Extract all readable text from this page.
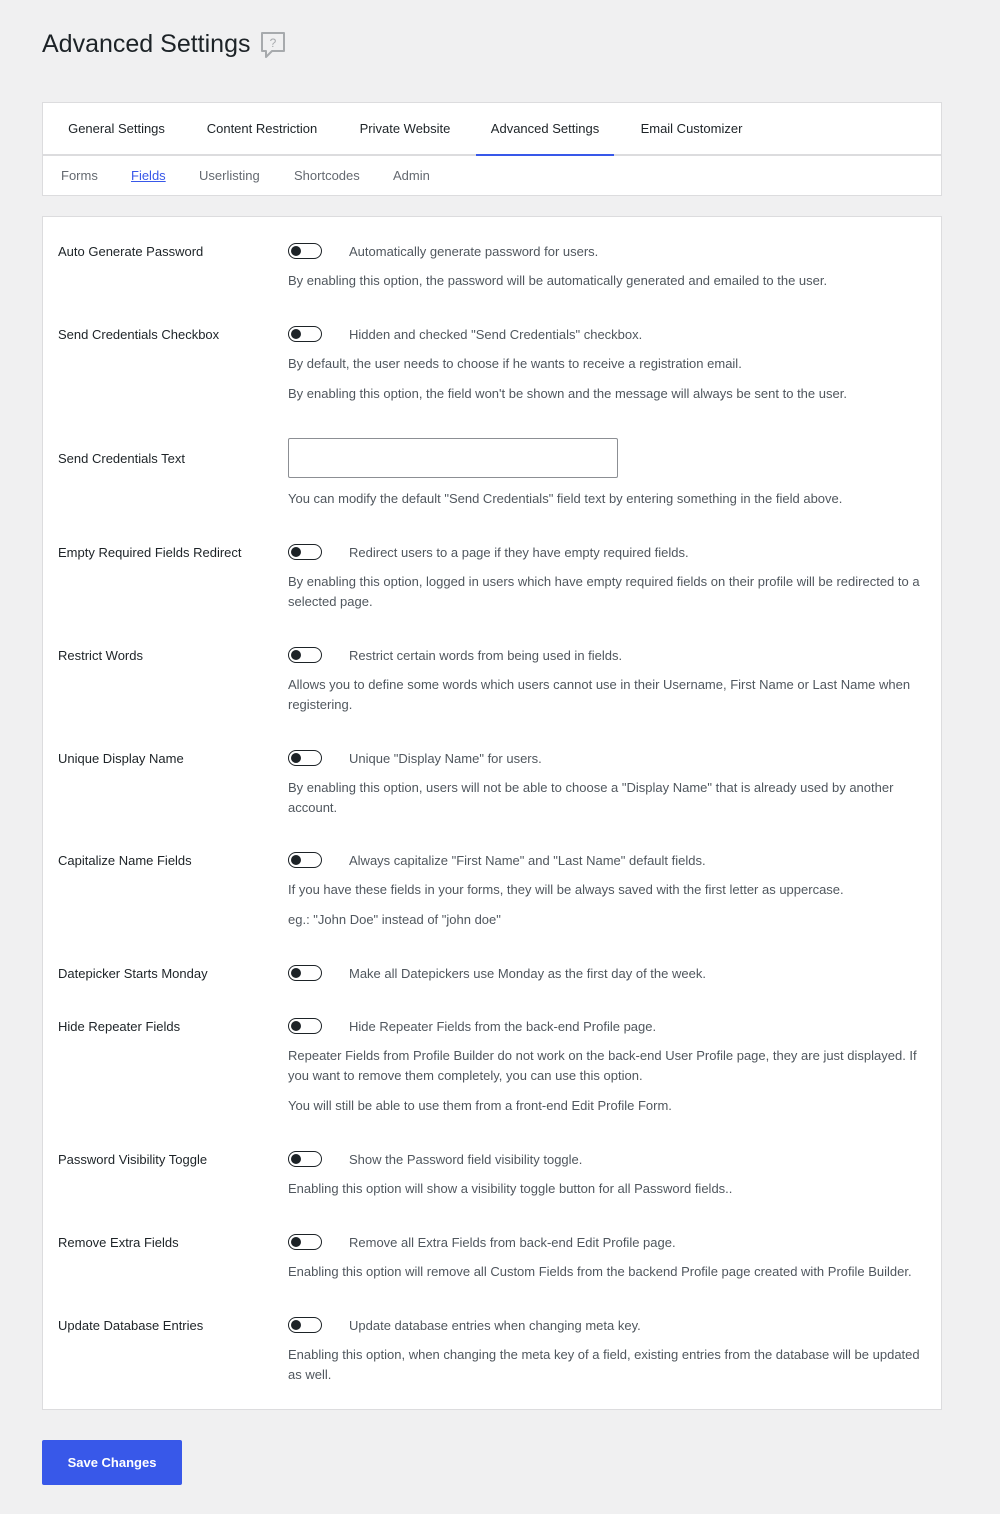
Advanced Settings ?
General Settings	Content Restriction	Private Website	Advanced Settings	Email Customizer
Forms	Fields	Userlisting	Shortcodes	Admin
Auto Generate Password	Automatically generate password for users.
By enabling this option, the password will be automatically generated and emailed to the user.
Send Credentials Checkbox	Hidden and checked "Send Credentials" checkbox.
By default, the user needs to choose if he wants to receive a registration email.
By enabling this option, the field won't be shown and the message will always be sent to the user.
Send Credentials Text
You can modify the default "Send Credentials" field text by entering something in the field above.
Empty Required Fields Redirect	Redirect users to a page if they have empty required fields.
By enabling this option, logged in users which have empty required fields on their profile will be redirected to a selected page.
Restrict Words	Restrict certain words from being used in fields.
Allows you to define some words which users cannot use in their Username, First Name or Last Name when registering.
Unique Display Name	Unique "Display Name" for users.
By enabling this option, users will not be able to choose a "Display Name" that is already used by another account.
Capitalize Name Fields	Always capitalize "First Name" and "Last Name" default fields.
If you have these fields in your forms, they will be always saved with the first letter as uppercase.
eg.: "John Doe" instead of "john doe"
Datepicker Starts Monday	Make all Datepickers use Monday as the first day of the week.
Hide Repeater Fields	Hide Repeater Fields from the back-end Profile page.
Repeater Fields from Profile Builder do not work on the back-end User Profile page, they are just displayed. If you want to remove them completely, you can use this option.
You will still be able to use them from a front-end Edit Profile Form.
Password Visibility Toggle	Show the Password field visibility toggle.
Enabling this option will show a visibility toggle button for all Password fields..
Remove Extra Fields	Remove all Extra Fields from back-end Edit Profile page.
Enabling this option will remove all Custom Fields from the backend Profile page created with Profile Builder.
Update Database Entries	Update database entries when changing meta key.
Enabling this option, when changing the meta key of a field, existing entries from the database will be updated as well.
Save Changes
